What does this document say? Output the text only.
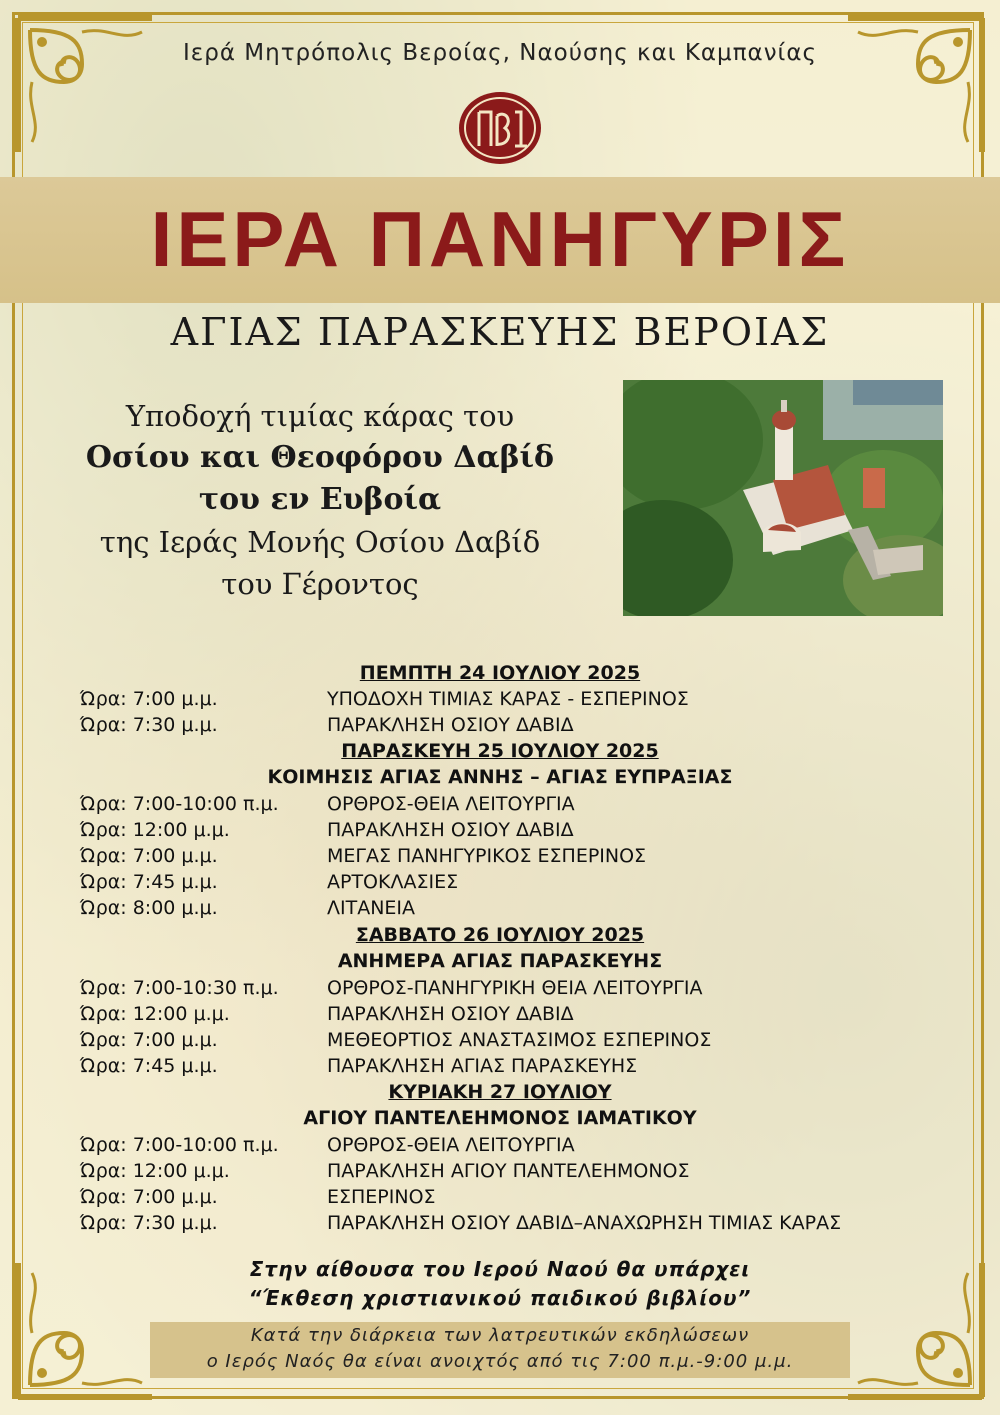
Ιερά Μητρόπολις Βεροίας, Ναούσης και Καμπανίας
ΙΕΡΑ ΠΑΝΗΓΥΡΙΣ
ΑΓΙΑΣ ΠΑΡΑΣΚΕΥΗΣ ΒΕΡΟΙΑΣ
Υποδοχή τιμίας κάρας του
Οσίου και Θεοφόρου Δαβίδ
του εν Ευβοία
της Ιεράς Μονής Οσίου Δαβίδ
του Γέροντος
ΠΕΜΠΤΗ 24 ΙΟΥΛΙΟΥ 2025
Ώρα: 7:00 μ.μ.	ΥΠΟΔΟΧΗ ΤΙΜΙΑΣ ΚΑΡΑΣ - ΕΣΠΕΡΙΝΟΣ
Ώρα: 7:30 μ.μ.	ΠΑΡΑΚΛΗΣΗ ΟΣΙΟΥ ΔΑΒΙΔ
ΠΑΡΑΣΚΕΥΗ 25 ΙΟΥΛΙΟΥ 2025
ΚΟΙΜΗΣΙΣ ΑΓΙΑΣ ΑΝΝΗΣ – ΑΓΙΑΣ ΕΥΠΡΑΞΙΑΣ
Ώρα: 7:00-10:00 π.μ.	ΟΡΘΡΟΣ-ΘΕΙΑ ΛΕΙΤΟΥΡΓΙΑ
Ώρα: 12:00 μ.μ.	ΠΑΡΑΚΛΗΣΗ ΟΣΙΟΥ ΔΑΒΙΔ
Ώρα: 7:00 μ.μ.	ΜΕΓΑΣ ΠΑΝΗΓΥΡΙΚΟΣ ΕΣΠΕΡΙΝΟΣ
Ώρα: 7:45 μ.μ.	ΑΡΤΟΚΛΑΣΙΕΣ
Ώρα: 8:00 μ.μ.	ΛΙΤΑΝΕΙΑ
ΣΑΒΒΑΤΟ 26 ΙΟΥΛΙΟΥ 2025
ΑΝΗΜΕΡΑ ΑΓΙΑΣ ΠΑΡΑΣΚΕΥΗΣ
Ώρα: 7:00-10:30 π.μ.	ΟΡΘΡΟΣ-ΠΑΝΗΓΥΡΙΚΗ ΘΕΙΑ ΛΕΙΤΟΥΡΓΙΑ
Ώρα: 12:00 μ.μ.	ΠΑΡΑΚΛΗΣΗ ΟΣΙΟΥ ΔΑΒΙΔ
Ώρα: 7:00 μ.μ.	ΜΕΘΕΟΡΤΙΟΣ ΑΝΑΣΤΑΣΙΜΟΣ ΕΣΠΕΡΙΝΟΣ
Ώρα: 7:45 μ.μ.	ΠΑΡΑΚΛΗΣΗ ΑΓΙΑΣ ΠΑΡΑΣΚΕΥΗΣ
ΚΥΡΙΑΚΗ 27 ΙΟΥΛΙΟΥ
ΑΓΙΟΥ ΠΑΝΤΕΛΕΗΜΟΝΟΣ ΙΑΜΑΤΙΚΟΥ
Ώρα: 7:00-10:00 π.μ.	ΟΡΘΡΟΣ-ΘΕΙΑ ΛΕΙΤΟΥΡΓΙΑ
Ώρα: 12:00 μ.μ.	ΠΑΡΑΚΛΗΣΗ ΑΓΙΟΥ ΠΑΝΤΕΛΕΗΜΟΝΟΣ
Ώρα: 7:00 μ.μ.	ΕΣΠΕΡΙΝΟΣ
Ώρα: 7:30 μ.μ.	ΠΑΡΑΚΛΗΣΗ ΟΣΙΟΥ ΔΑΒΙΔ–ΑΝΑΧΩΡΗΣΗ ΤΙΜΙΑΣ ΚΑΡΑΣ
Στην αίθουσα του Ιερού Ναού θα υπάρχει
“Έκθεση χριστιανικού παιδικού βιβλίου”
Κατά την διάρκεια των λατρευτικών εκδηλώσεων
ο Ιερός Ναός θα είναι ανοιχτός από τις 7:00 π.μ.-9:00 μ.μ.
